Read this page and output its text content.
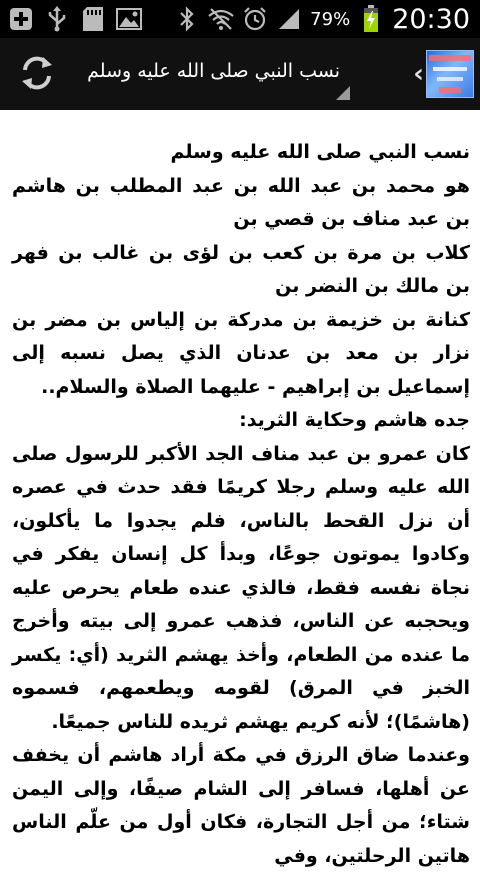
79% 20:30
‹
نسب النبي صلى الله عليه وسلم

نسب النبي صلى الله عليه وسلم

هو محمد بن عبد الله بن عبد المطلب بن هاشم بن عبد مناف بن قصي بن

كلاب بن مرة بن كعب بن لؤى بن غالب بن فهر بن مالك بن النضر بن

كنانة بن خزيمة بن مدركة بن إلياس بن مضر بن نزار بن معد بن عدنان الذي يصل نسبه إلى إسماعيل بن إبراهيم - عليهما الصلاة والسلام..

جده هاشم وحكاية الثريد:

كان عمرو بن عبد مناف الجد الأكبر للرسول صلى الله عليه وسلم رجلا كريمًا فقد حدث في عصره أن نزل القحط بالناس، فلم يجدوا ما يأكلون، وكادوا يموتون جوعًا، وبدأ كل إنسان يفكر في نجاة نفسه فقط، فالذي عنده طعام يحرص عليه ويحجبه عن الناس، فذهب عمرو إلى بيته وأخرج ما عنده من الطعام، وأخذ يهشم الثريد (أي: يكسر الخبز في المرق) لقومه ويطعمهم، فسموه (هاشمًا)؛ لأنه كريم يهشم ثريده للناس جميعًا.

وعندما ضاق الرزق في مكة أراد هاشم أن يخفف عن أهلها، فسافر إلى الشام صيفًا، وإلى اليمن شتاء؛ من أجل التجارة، فكان أول من علّم الناس هاتين الرحلتين، وفي
